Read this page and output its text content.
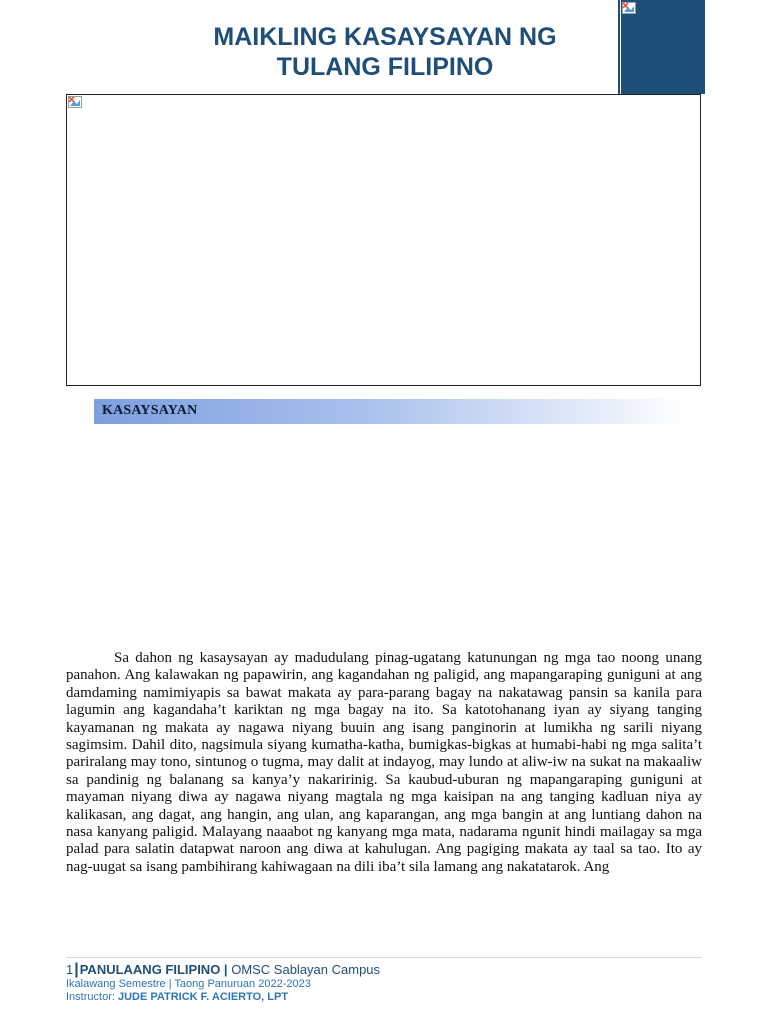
MAIKLING KASAYSAYAN NG
TULANG FILIPINO
KASAYSAYAN

Sa dahon ng kasaysayan ay madudulang pinag-ugatang katunungan ng mga tao noong unang panahon. Ang kalawakan ng papawirin, ang kagandahan ng paligid, ang mapangaraping guniguni at ang damdaming namimiyapis sa bawat makata ay para-parang bagay na nakatawag pansin sa kanila para lagumin ang kagandaha’t kariktan ng mga bagay na ito. Sa katotohanang iyan ay siyang tanging kayamanan ng makata ay nagawa niyang buuin ang isang panginorin at lumikha ng sarili niyang sagimsim. Dahil dito, nagsimula siyang kumatha-katha, bumigkas-bigkas at humabi-habi ng mga salita’t pariralang may tono, sintunog o tugma, may dalit at indayog, may lundo at aliw-iw na sukat na makaaliw sa pandinig ng balanang sa kanya’y nakaririnig. Sa kaubud-uburan ng mapangaraping guniguni at mayaman niyang diwa ay nagawa niyang magtala ng mga kaisipan na ang tanging kadluan niya ay kalikasan, ang dagat, ang hangin, ang ulan, ang kaparangan, ang mga bangin at ang luntiang dahon na nasa kanyang paligid. Malayang naaabot ng kanyang mga mata, nadarama ngunit hindi mailagay sa mga palad para salatin datapwat naroon ang diwa at kahulugan. Ang pagiging makata ay taal sa tao. Ito ay nag-uugat sa isang pambihirang kahiwagaan na dili iba’t sila lamang ang nakatatarok. Ang

1|PANULAANG FILIPINO | OMSC Sablayan Campus
Ikalawang Semestre | Taong Panuruan 2022-2023
Instructor: JUDE PATRICK F. ACIERTO, LPT
